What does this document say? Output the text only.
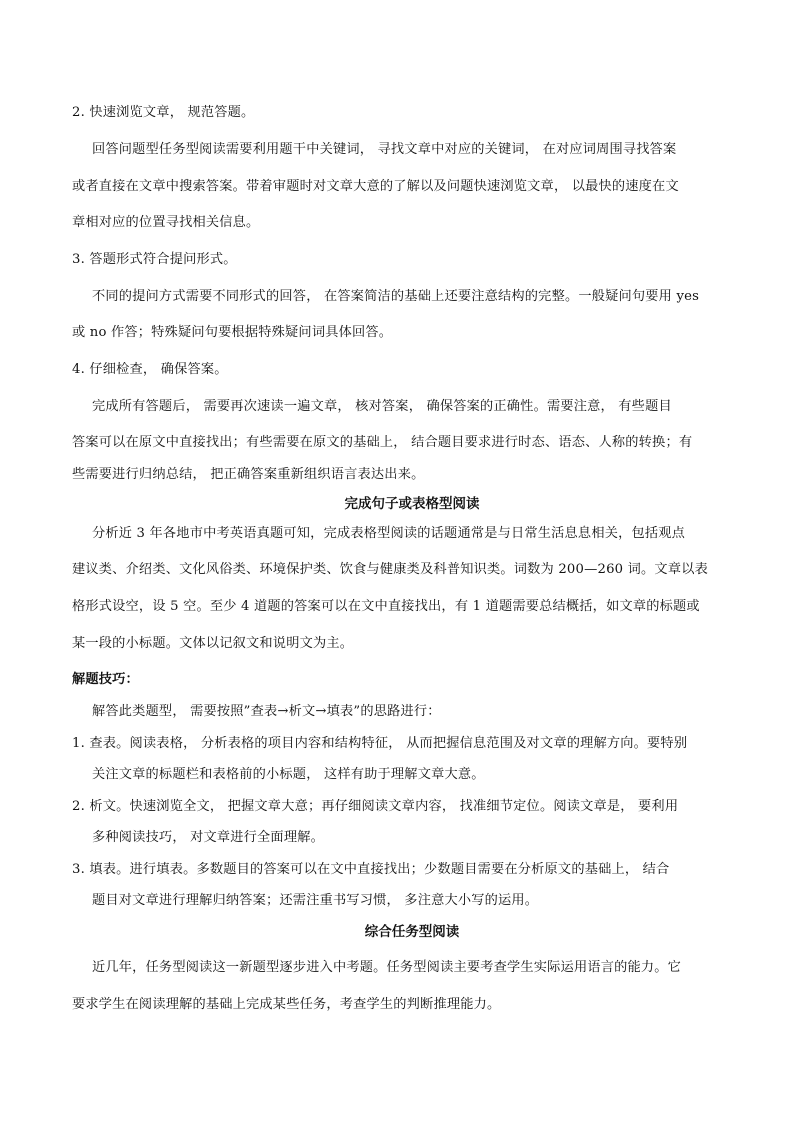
2. 快速浏览文章， 规范答题。
回答问题型任务型阅读需要利用题干中关键词， 寻找文章中对应的关键词， 在对应词周围寻找答案
或者直接在文章中搜索答案。带着审题时对文章大意的了解以及问题快速浏览文章， 以最快的速度在文
章相对应的位置寻找相关信息。
3. 答题形式符合提问形式。
不同的提问方式需要不同形式的回答， 在答案简洁的基础上还要注意结构的完整。一般疑问句要用 yes
或 no 作答；特殊疑问句要根据特殊疑问词具体回答。
4. 仔细检查， 确保答案。
完成所有答题后， 需要再次速读一遍文章， 核对答案， 确保答案的正确性。需要注意， 有些题目
答案可以在原文中直接找出；有些需要在原文的基础上， 结合题目要求进行时态、语态、人称的转换；有
些需要进行归纳总结， 把正确答案重新组织语言表达出来。
完成句子或表格型阅读
分析近 3 年各地市中考英语真题可知，完成表格型阅读的话题通常是与日常生活息息相关，包括观点
建议类、介绍类、文化风俗类、环境保护类、饮食与健康类及科普知识类。词数为 200—260 词。文章以表
格形式设空，设 5 空。至少 4 道题的答案可以在文中直接找出，有 1 道题需要总结概括，如文章的标题或
某一段的小标题。文体以记叙文和说明文为主。
解题技巧：
解答此类题型， 需要按照”查表→析文→填表”的思路进行：
1. 查表。阅读表格， 分析表格的项目内容和结构特征， 从而把握信息范围及对文章的理解方向。要特别
关注文章的标题栏和表格前的小标题， 这样有助于理解文章大意。
2. 析文。快速浏览全文， 把握文章大意；再仔细阅读文章内容， 找准细节定位。阅读文章是， 要利用
多种阅读技巧， 对文章进行全面理解。
3. 填表。进行填表。多数题目的答案可以在文中直接找出；少数题目需要在分析原文的基础上， 结合
题目对文章进行理解归纳答案；还需注重书写习惯， 多注意大小写的运用。
综合任务型阅读
近几年，任务型阅读这一新题型逐步进入中考题。任务型阅读主要考查学生实际运用语言的能力。它
要求学生在阅读理解的基础上完成某些任务，考查学生的判断推理能力。
